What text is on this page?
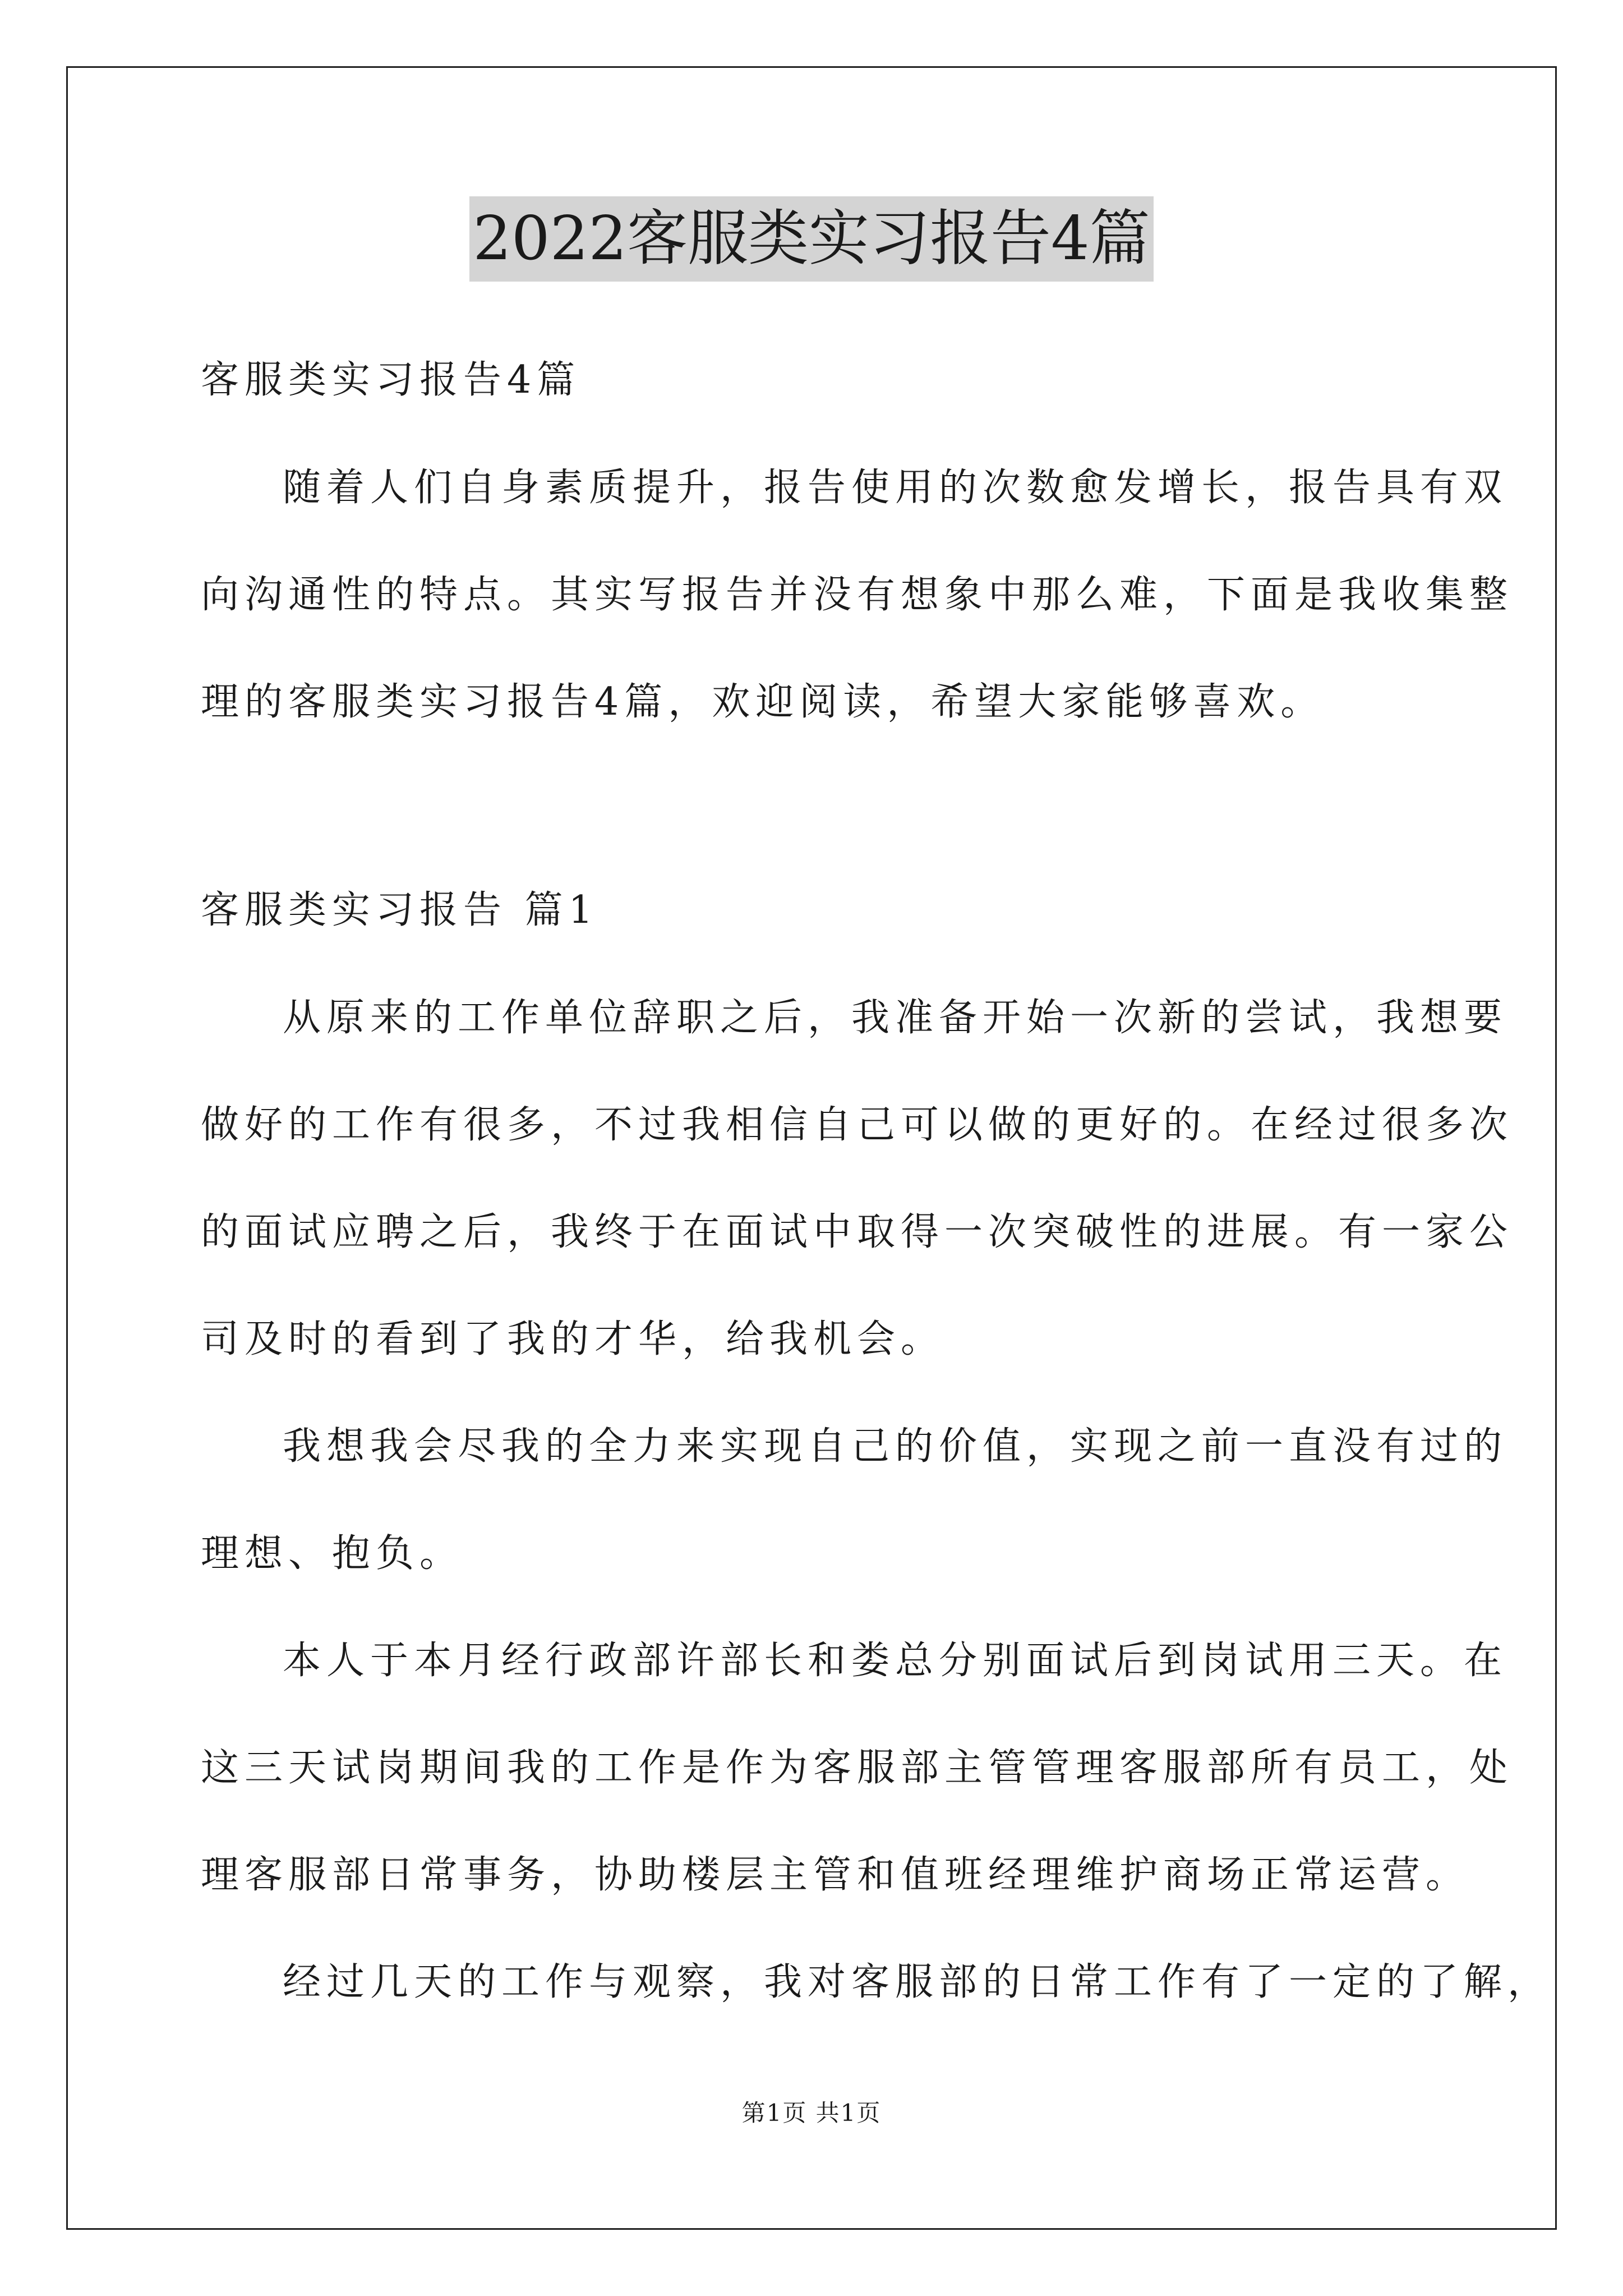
2022客服类实习报告4篇
客服类实习报告4篇
随着人们自身素质提升，报告使用的次数愈发增长，报告具有双
向沟通性的特点。其实写报告并没有想象中那么难，下面是我收集整
理的客服类实习报告4篇，欢迎阅读，希望大家能够喜欢。
客服类实习报告 篇1
从原来的工作单位辞职之后，我准备开始一次新的尝试，我想要
做好的工作有很多，不过我相信自己可以做的更好的。在经过很多次
的面试应聘之后，我终于在面试中取得一次突破性的进展。有一家公
司及时的看到了我的才华，给我机会。
我想我会尽我的全力来实现自己的价值，实现之前一直没有过的
理想、抱负。
本人于本月经行政部许部长和娄总分别面试后到岗试用三天。在
这三天试岗期间我的工作是作为客服部主管管理客服部所有员工，处
理客服部日常事务，协助楼层主管和值班经理维护商场正常运营。
经过几天的工作与观察，我对客服部的日常工作有了一定的了解，
第1页 共1页
